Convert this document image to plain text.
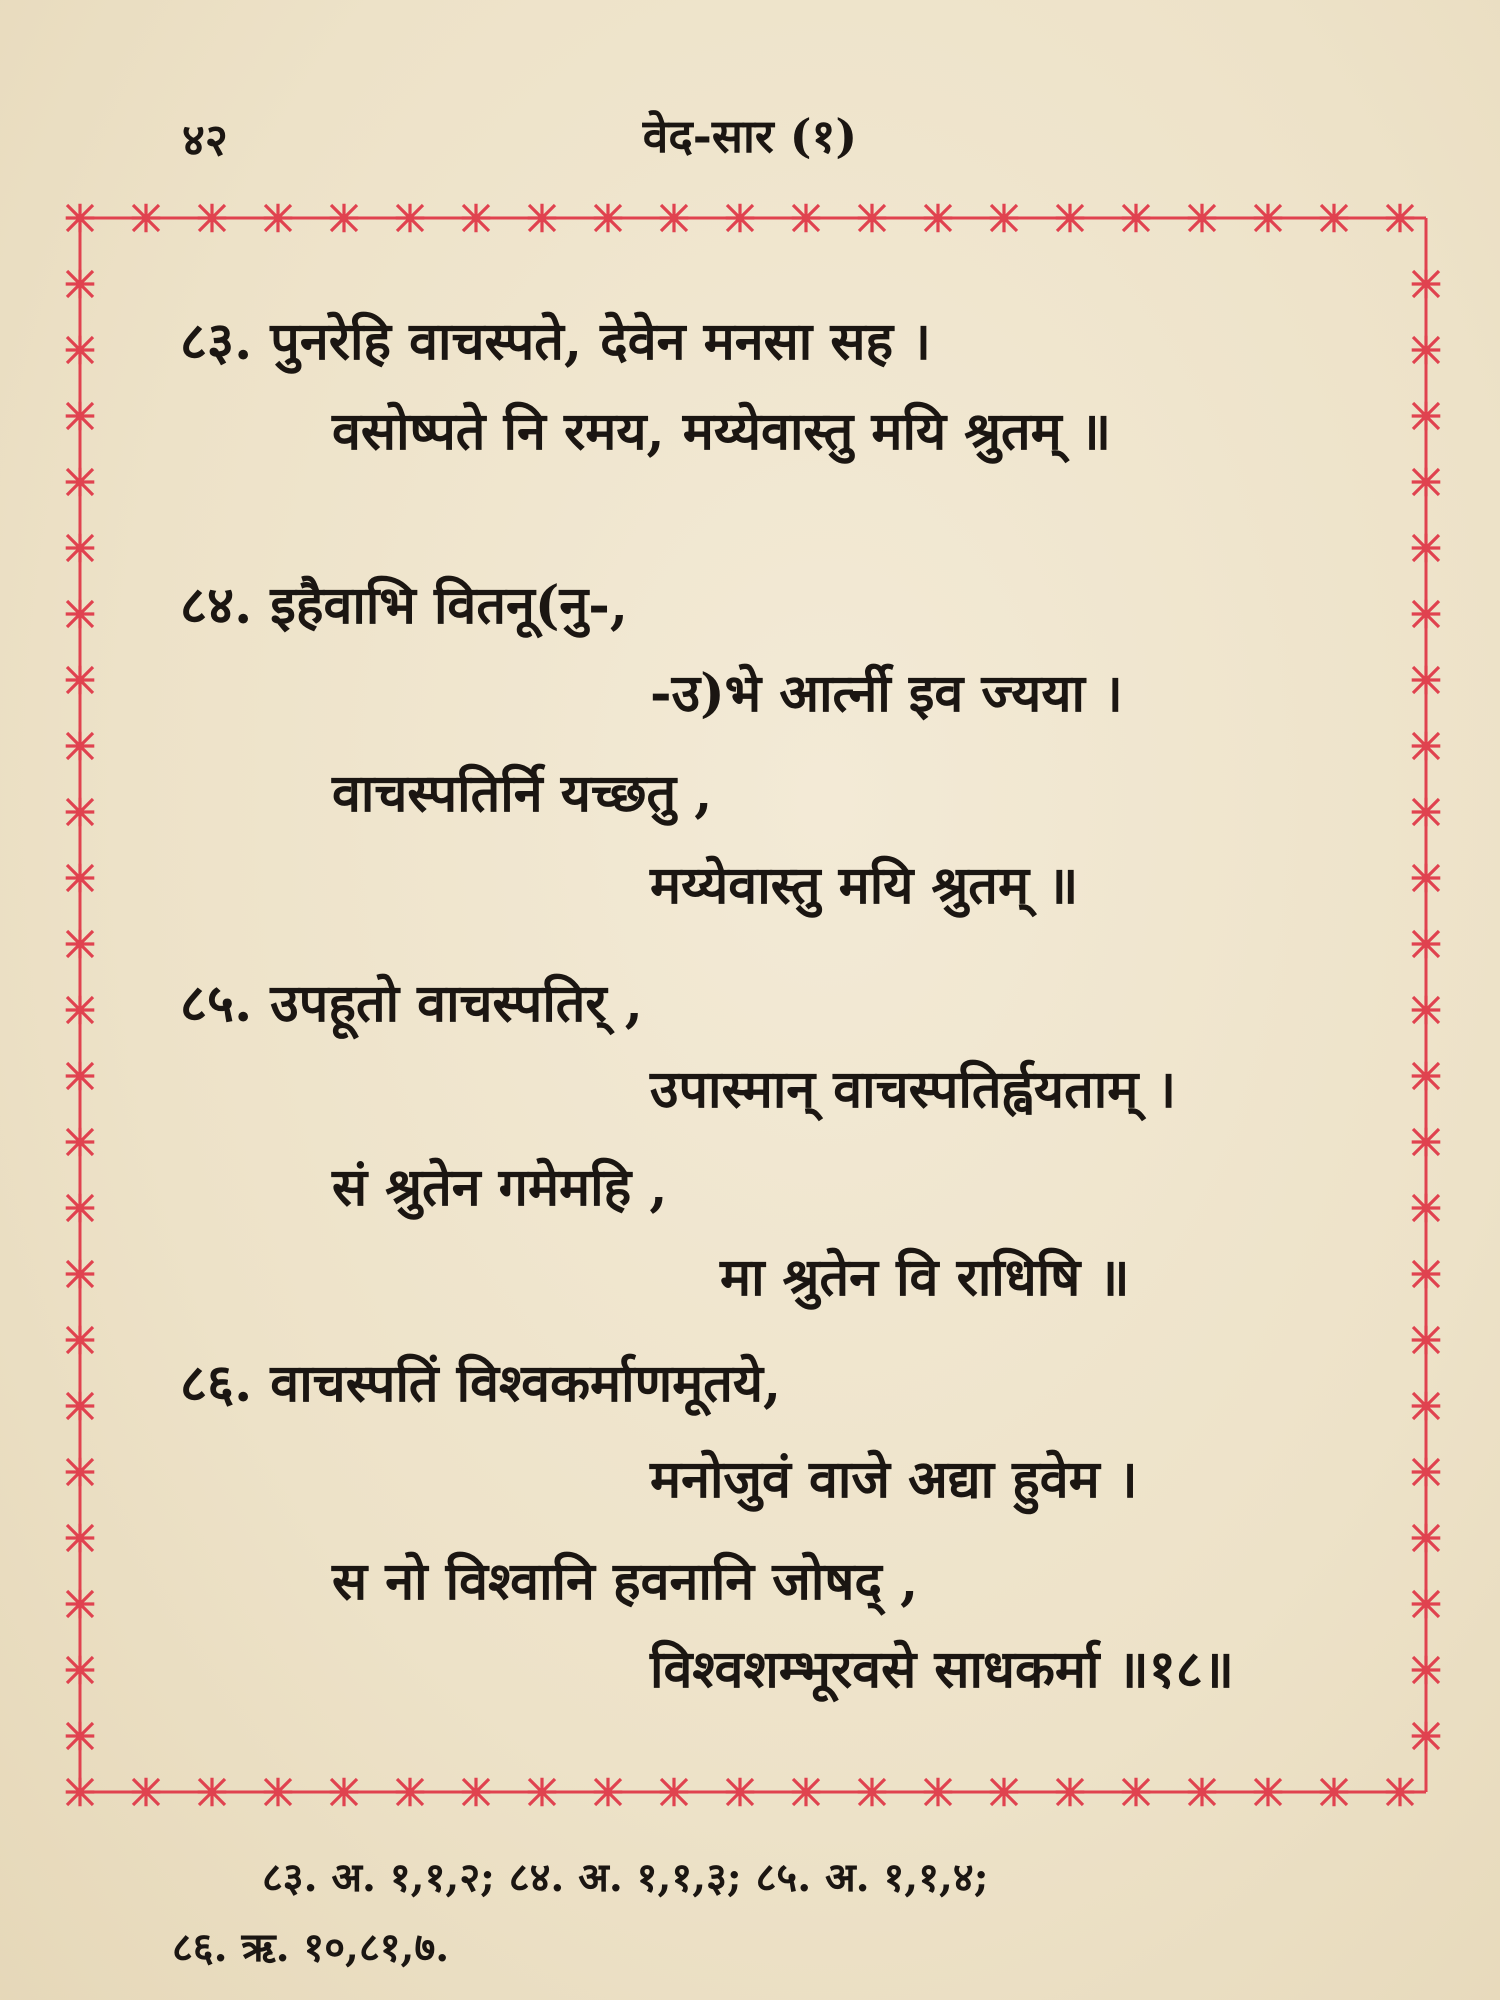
४२	वेद-सार (१)
८३. पुनरेहि वाचस्पते, देवेन मनसा सह ।
वसोष्पते नि रमय, मय्येवास्तु मयि श्रुतम् ॥
८४. इहैवाभि वितनू(नु-,
-उ)भे आर्त्नी इव ज्यया ।
वाचस्पतिर्नि यच्छतु ,
मय्येवास्तु मयि श्रुतम् ॥
८५. उपहूतो वाचस्पतिर् ,
उपास्मान् वाचस्पतिर्ह्वयताम् ।
सं श्रुतेन गमेमहि ,
मा श्रुतेन वि राधिषि ॥
८६. वाचस्पतिं विश्वकर्माणमूतये,
मनोजुवं वाजे अद्या हुवेम ।
स नो विश्वानि हवनानि जोषद् ,
विश्वशम्भूरवसे साधकर्मा ॥१८॥
८३. अ. १,१,२; ८४. अ. १,१,३; ८५. अ. १,१,४;
८६. ऋ. १०,८१,७.
